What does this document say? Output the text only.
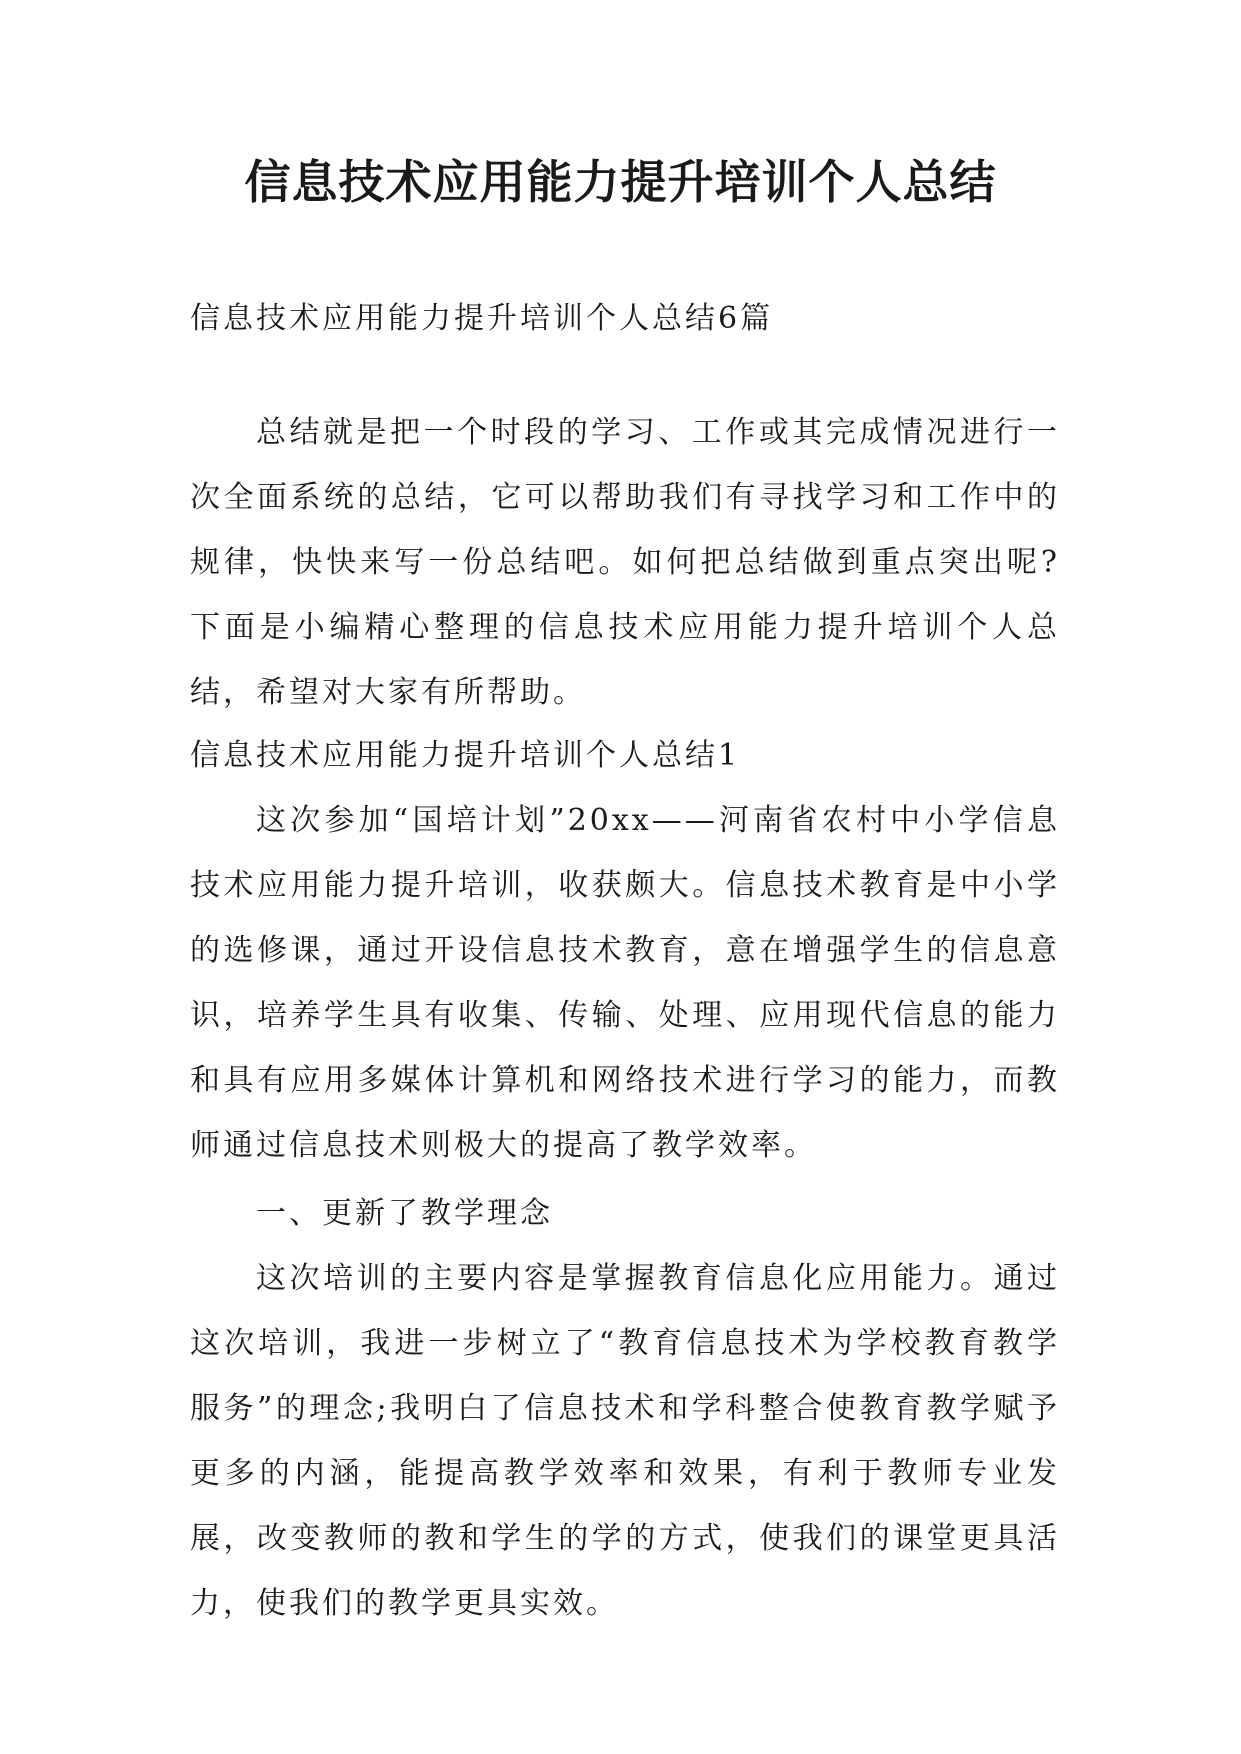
信息技术应用能力提升培训个人总结

信息技术应用能力提升培训个人总结6篇

总结就是把一个时段的学习、工作或其完成情况进行一次全面系统的总结，它可以帮助我们有寻找学习和工作中的规律，快快来写一份总结吧。如何把总结做到重点突出呢?下面是小编精心整理的信息技术应用能力提升培训个人总结，希望对大家有所帮助。

信息技术应用能力提升培训个人总结1

这次参加“国培计划”20xx——河南省农村中小学信息技术应用能力提升培训，收获颇大。信息技术教育是中小学的选修课，通过开设信息技术教育，意在增强学生的信息意识，培养学生具有收集、传输、处理、应用现代信息的能力和具有应用多媒体计算机和网络技术进行学习的能力，而教师通过信息技术则极大的提高了教学效率。

一、更新了教学理念

这次培训的主要内容是掌握教育信息化应用能力。通过这次培训，我进一步树立了“教育信息技术为学校教育教学服务”的理念;我明白了信息技术和学科整合使教育教学赋予更多的内涵，能提高教学效率和效果，有利于教师专业发展，改变教师的教和学生的学的方式，使我们的课堂更具活力，使我们的教学更具实效。
